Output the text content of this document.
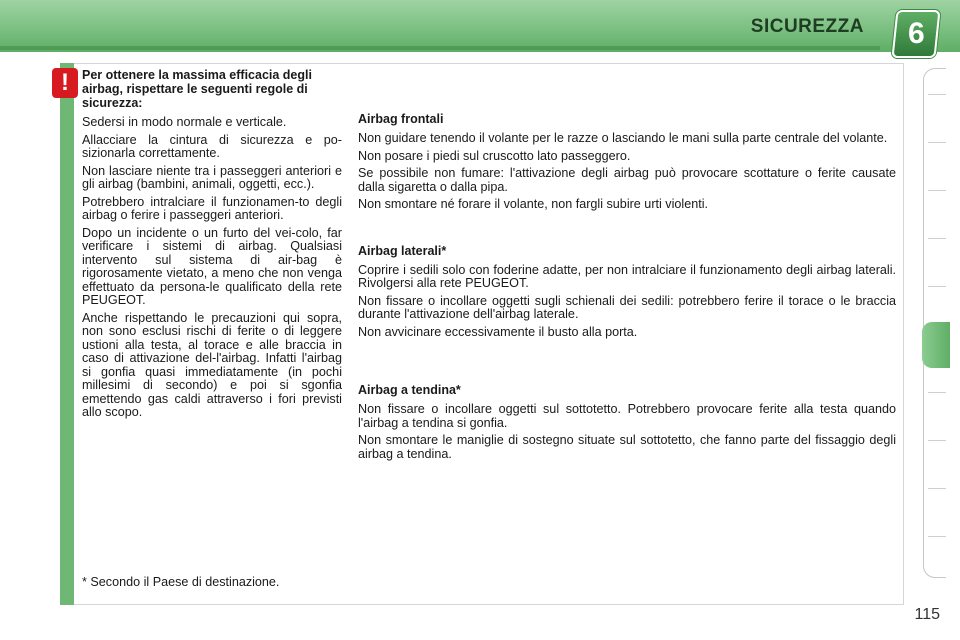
SICUREZZA 6
!	Per ottenere la massima efficacia degli airbag, rispettare le seguenti regole di sicurezza:

Sedersi in modo normale e verticale.

Allacciare la cintura di sicurezza e po-sizionarla correttamente.

Non lasciare niente tra i passeggeri anteriori e gli airbag (bambini, animali, oggetti, ecc.).

Potrebbero intralciare il funzionamen-to degli airbag o ferire i passeggeri anteriori.

Dopo un incidente o un furto del vei-colo, far verificare i sistemi di airbag. Qualsiasi intervento sul sistema di air-bag è rigorosamente vietato, a meno che non venga effettuato da persona-le qualificato della rete PEUGEOT.

Anche rispettando le precauzioni qui sopra, non sono esclusi rischi di ferite o di leggere ustioni alla testa, al torace e alle braccia in caso di attivazione del-l'airbag. Infatti l'airbag si gonfia quasi immediatamente (in pochi millesimi di secondo) e poi si sgonfia emettendo gas caldi attraverso i fori previsti allo scopo.

Airbag frontali

Non guidare tenendo il volante per le razze o lasciando le mani sulla parte centrale del volante.

Non posare i piedi sul cruscotto lato passeggero.

Se possibile non fumare: l'attivazione degli airbag può provocare scottature o ferite causate dalla sigaretta o dalla pipa.

Non smontare né forare il volante, non fargli subire urti violenti.

Airbag laterali*

Coprire i sedili solo con foderine adatte, per non intralciare il funzionamento degli airbag laterali. Rivolgersi alla rete PEUGEOT.

Non fissare o incollare oggetti sugli schienali dei sedili: potrebbero ferire il torace o le braccia durante l'attivazione dell'airbag laterale.

Non avvicinare eccessivamente il busto alla porta.

Airbag a tendina*

Non fissare o incollare oggetti sul sottotetto. Potrebbero provocare ferite alla testa quando l'airbag a tendina si gonfia.

Non smontare le maniglie di sostegno situate sul sottotetto, che fanno parte del fissaggio degli airbag a tendina.

* Secondo il Paese di destinazione.
115
